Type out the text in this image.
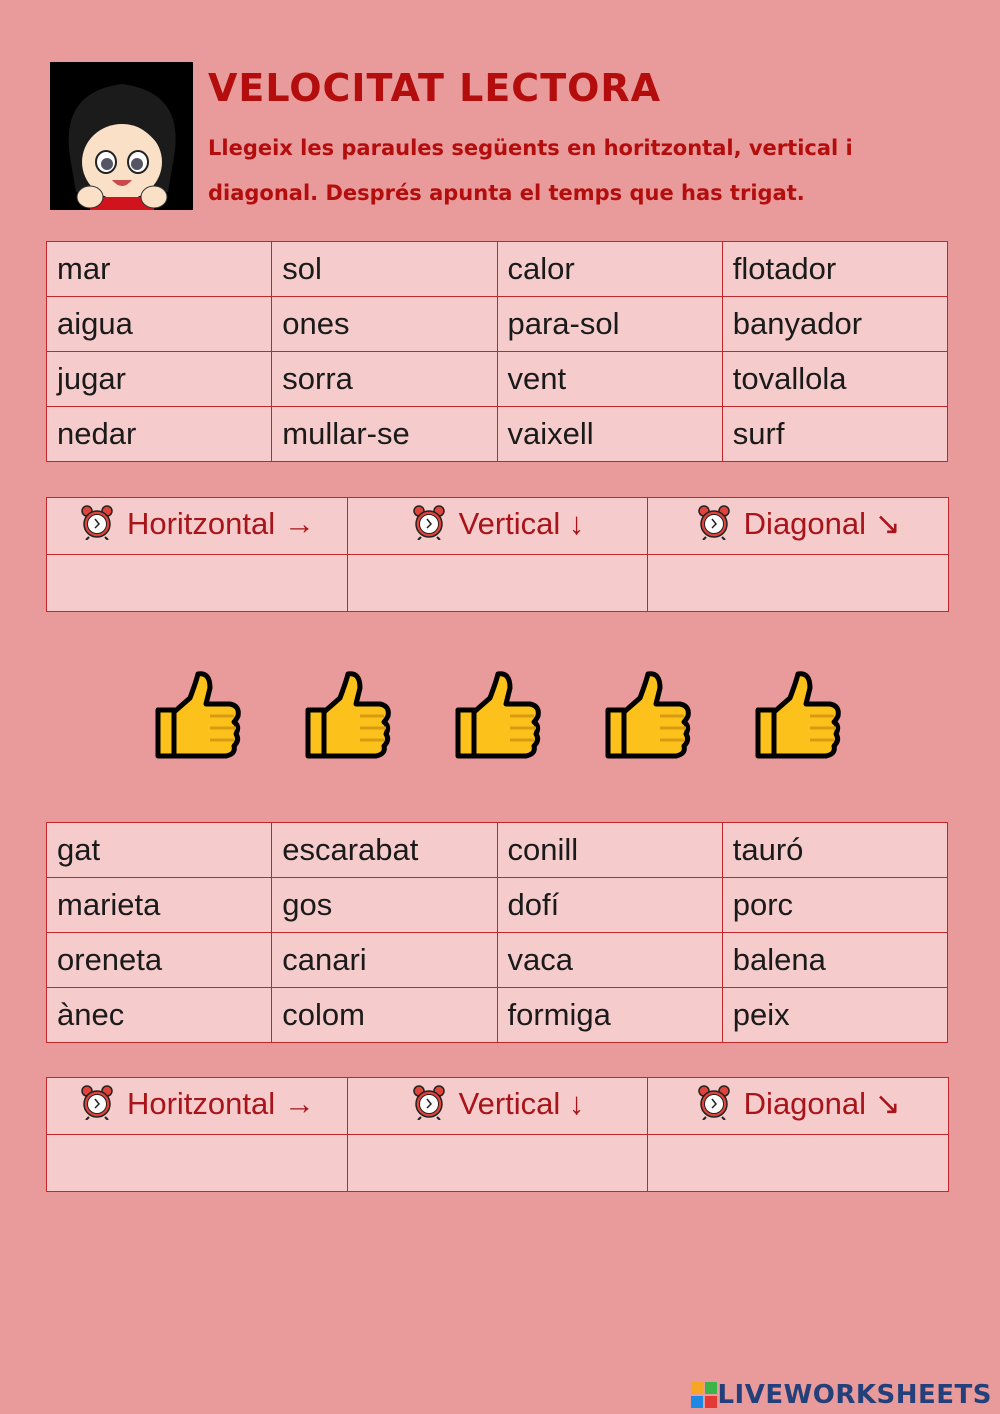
VELOCITAT LECTORA

Llegeix les paraules següents en horitzontal, vertical i diagonal. Després apunta el temps que has trigat.

mar	sol	calor	flotador
aigua	ones	para-sol	banyador
jugar	sorra	vent	tovallola
nedar	mullar-se	vaixell	surf
Horitzontal →	Vertical ↓	Diagonal ↘

gat	escarabat	conill	tauró
marieta	gos	dofí	porc
oreneta	canari	vaca	balena
ànec	colom	formiga	peix
Horitzontal →	Vertical ↓	Diagonal ↘

LIVEWORKSHEETS
